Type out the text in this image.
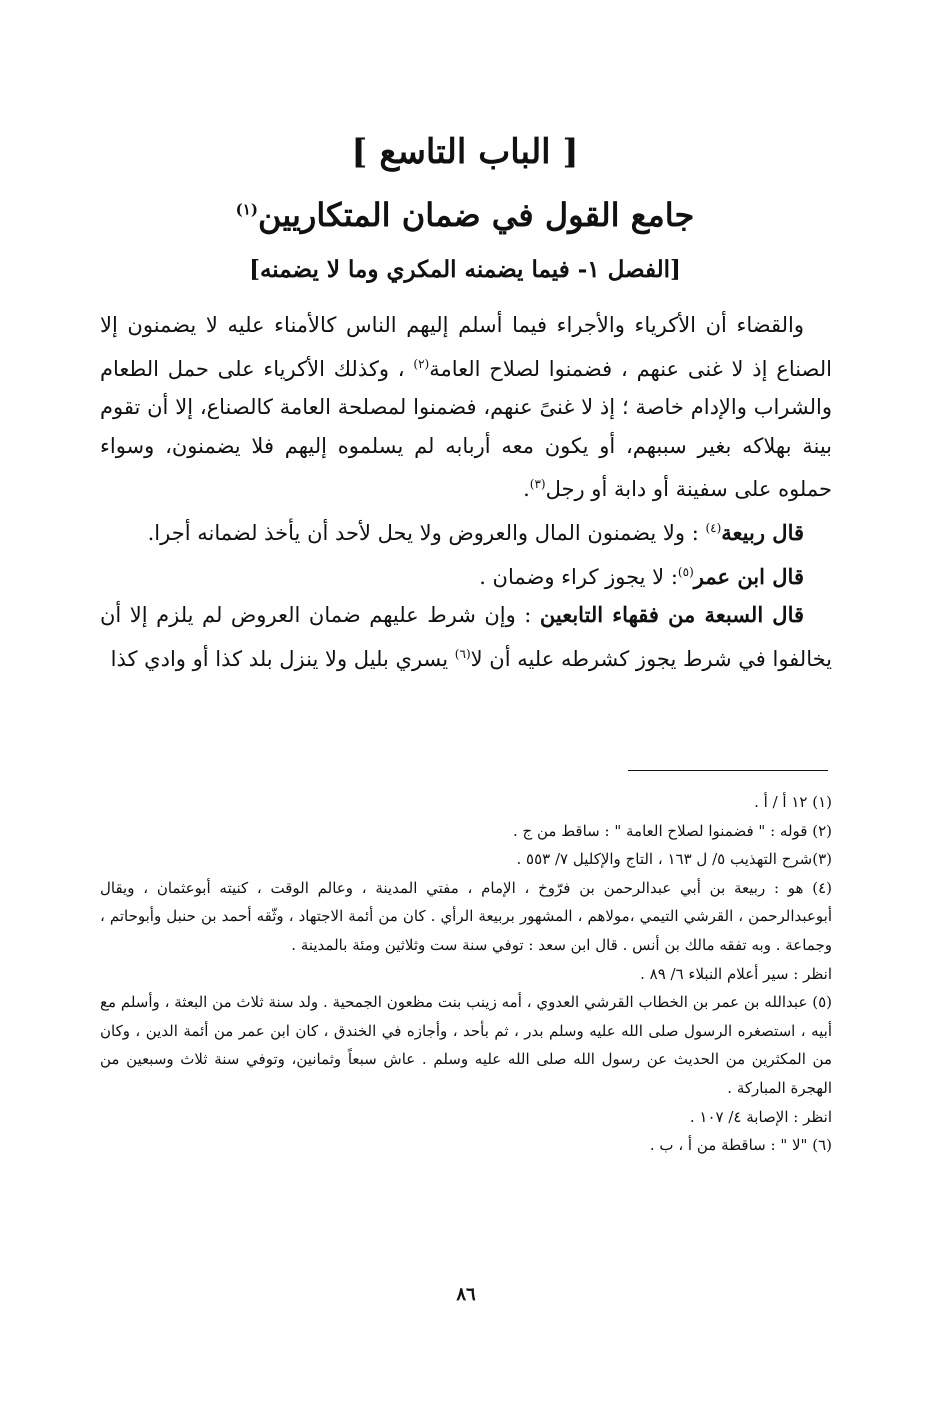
[ الباب التاسع ]
جامع القول في ضمان المتكاريين$^{(١)}$
[الفصل ١- فيما يضمنه المكري وما لا يضمنه]

والقضاء أن الأكرياء والأجراء فيما أسلم إليهم الناس كالأمناء عليه لا يضمنون إلا الصناع إذ لا غنى عنهم ، فضمنوا لصلاح العامة$^{(٢)}$ ، وكذلك الأكرياء على حمل الطعام والشراب والإدام خاصة ؛ إذ لا غنىً عنهم، فضمنوا لمصلحة العامة كالصناع، إلا أن تقوم بينة بهلاكه بغير سببهم، أو يكون معه أربابه لم يسلموه إليهم فلا يضمنون، وسواء حملوه على سفينة أو دابة أو رجل$^{(٣)}$.

قال ربيعة$^{(٤)}$ : ولا يضمنون المال والعروض ولا يحل لأحد أن يأخذ لضمانه أجرا.

قال ابن عمر$^{(٥)}$: لا يجوز كراء وضمان .

قال السبعة من فقهاء التابعين : وإن شرط عليهم ضمان العروض لم يلزم إلا أن يخالفوا في شرط يجوز كشرطه عليه أن لا$^{(٦)}$ يسري بليل ولا ينزل بلد كذا أو وادي كذا

(١) ١٢ أ / أ .

(٢) قوله : " فضمنوا لصلاح العامة " : ساقط من ج .

(٣)شرح التهذيب ٥/ ل ١٦٣ ، التاج والإكليل ٧/ ٥٥٣ .

(٤) هو : ربيعة بن أبي عبدالرحمن بن فرّوخ ، الإمام ، مفتي المدينة ، وعالم الوقت ، كنيته أبوعثمان ، ويقال أبوعبدالرحمن ، القرشي التيمي ،مولاهم ، المشهور بربيعة الرأي . كان من أئمة الاجتهاد ، وثّقه أحمد بن حنبل وأبوحاتم ، وجماعة . وبه تفقه مالك بن أنس . قال ابن سعد : توفي سنة ست وثلاثين ومئة بالمدينة .

انظر : سير أعلام النبلاء ٦/ ٨٩ .

(٥) عبدالله بن عمر بن الخطاب القرشي العدوي ، أمه زينب بنت مظعون الجمحية . ولد سنة ثلاث من البعثة ، وأسلم مع أبيه ، استصغره الرسول صلى الله عليه وسلم بدر ، ثم بأحد ، وأجازه في الخندق ، كان ابن عمر من أئمة الدين ، وكان من المكثرين من الحديث عن رسول الله صلى الله عليه وسلم . عاش سبعاً وثمانين، وتوفي سنة ثلاث وسبعين من الهجرة المباركة .

انظر : الإصابة ٤/ ١٠٧ .

(٦) "لا " : ساقطة من أ ، ب .

٨٦
